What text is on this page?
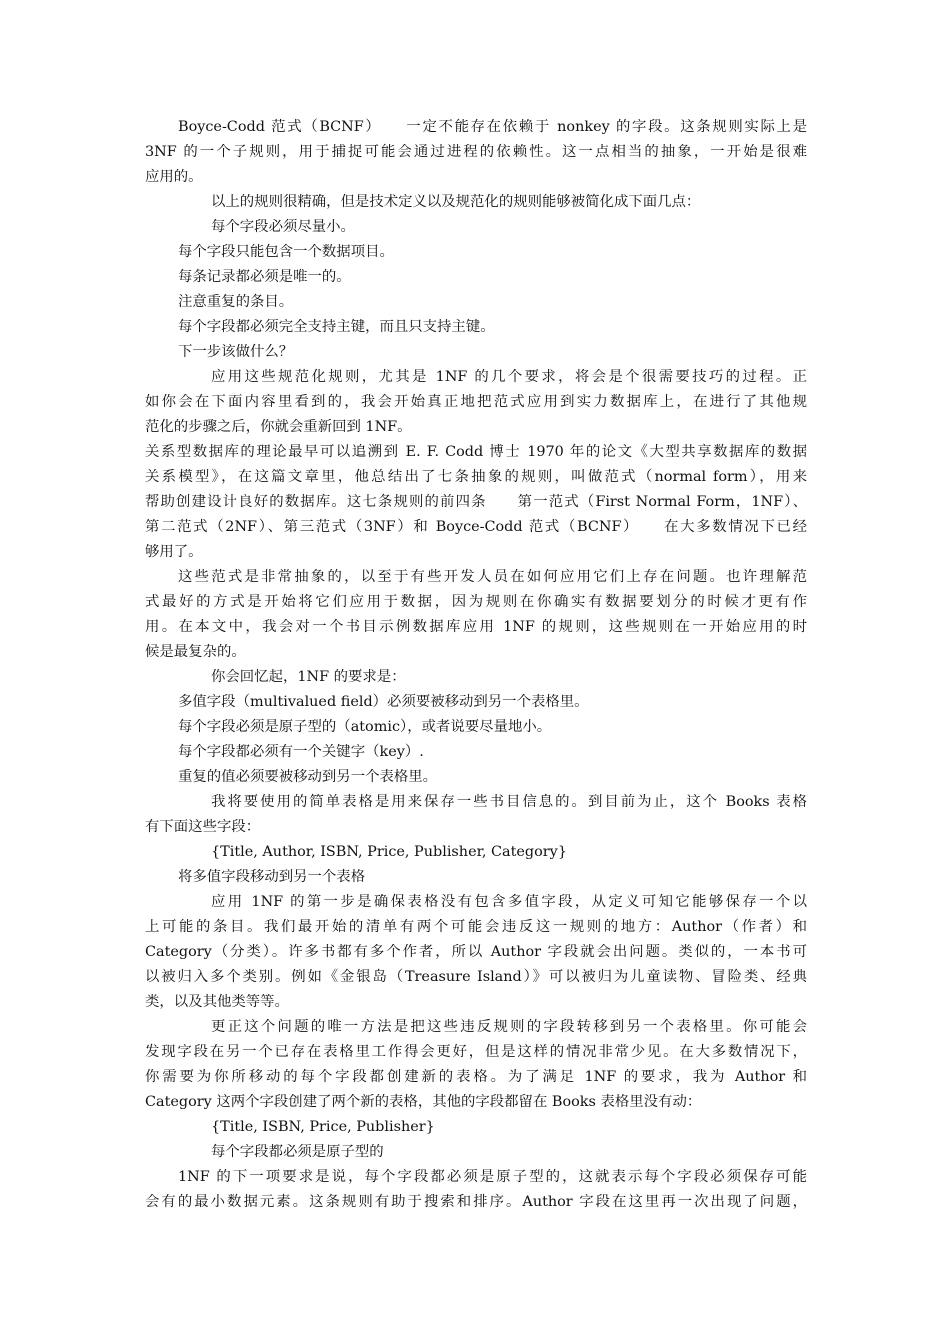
Boyce-Codd 范式（BCNF）　　一定不能存在依赖于 nonkey 的字段。这条规则实际上是
3NF 的一个子规则，用于捕捉可能会通过进程的依赖性。这一点相当的抽象，一开始是很难
应用的。
以上的规则很精确，但是技术定义以及规范化的规则能够被简化成下面几点：
每个字段必须尽量小。
每个字段只能包含一个数据项目。
每条记录都必须是唯一的。
注意重复的条目。
每个字段都必须完全支持主键，而且只支持主键。
下一步该做什么？
应用这些规范化规则，尤其是 1NF 的几个要求，将会是个很需要技巧的过程。正
如你会在下面内容里看到的，我会开始真正地把范式应用到实力数据库上，在进行了其他规
范化的步骤之后，你就会重新回到 1NF。
关系型数据库的理论最早可以追溯到 E. F. Codd 博士 1970 年的论文《大型共享数据库的数据
关系模型》，在这篇文章里，他总结出了七条抽象的规则，叫做范式（normal form），用来
帮助创建设计良好的数据库。这七条规则的前四条　　第一范式（First Normal Form，1NF）、
第二范式（2NF）、第三范式（3NF）和 Boyce-Codd 范式（BCNF）　　在大多数情况下已经
够用了。
这些范式是非常抽象的，以至于有些开发人员在如何应用它们上存在问题。也许理解范
式最好的方式是开始将它们应用于数据，因为规则在你确实有数据要划分的时候才更有作
用。在本文中，我会对一个书目示例数据库应用 1NF 的规则，这些规则在一开始应用的时
候是最复杂的。
你会回忆起，1NF 的要求是：
多值字段（multivalued field）必须要被移动到另一个表格里。
每个字段必须是原子型的（atomic），或者说要尽量地小。
每个字段都必须有一个关键字（key）.
重复的值必须要被移动到另一个表格里。
我将要使用的简单表格是用来保存一些书目信息的。到目前为止，这个 Books 表格
有下面这些字段：
{Title, Author, ISBN, Price, Publisher, Category}
将多值字段移动到另一个表格
应用 1NF 的第一步是确保表格没有包含多值字段，从定义可知它能够保存一个以
上可能的条目。我们最开始的清单有两个可能会违反这一规则的地方：Author（作者）和
Category（分类）。许多书都有多个作者，所以 Author 字段就会出问题。类似的，一本书可
以被归入多个类别。例如《金银岛（Treasure Island）》可以被归为儿童读物、冒险类、经典
类，以及其他类等等。
更正这个问题的唯一方法是把这些违反规则的字段转移到另一个表格里。你可能会
发现字段在另一个已存在表格里工作得会更好，但是这样的情况非常少见。在大多数情况下，
你需要为你所移动的每个字段都创建新的表格。为了满足 1NF 的要求，我为 Author 和
Category 这两个字段创建了两个新的表格，其他的字段都留在 Books 表格里没有动：
{Title, ISBN, Price, Publisher}
每个字段都必须是原子型的
1NF 的下一项要求是说，每个字段都必须是原子型的，这就表示每个字段必须保存可能
会有的最小数据元素。这条规则有助于搜索和排序。Author 字段在这里再一次出现了问题，
